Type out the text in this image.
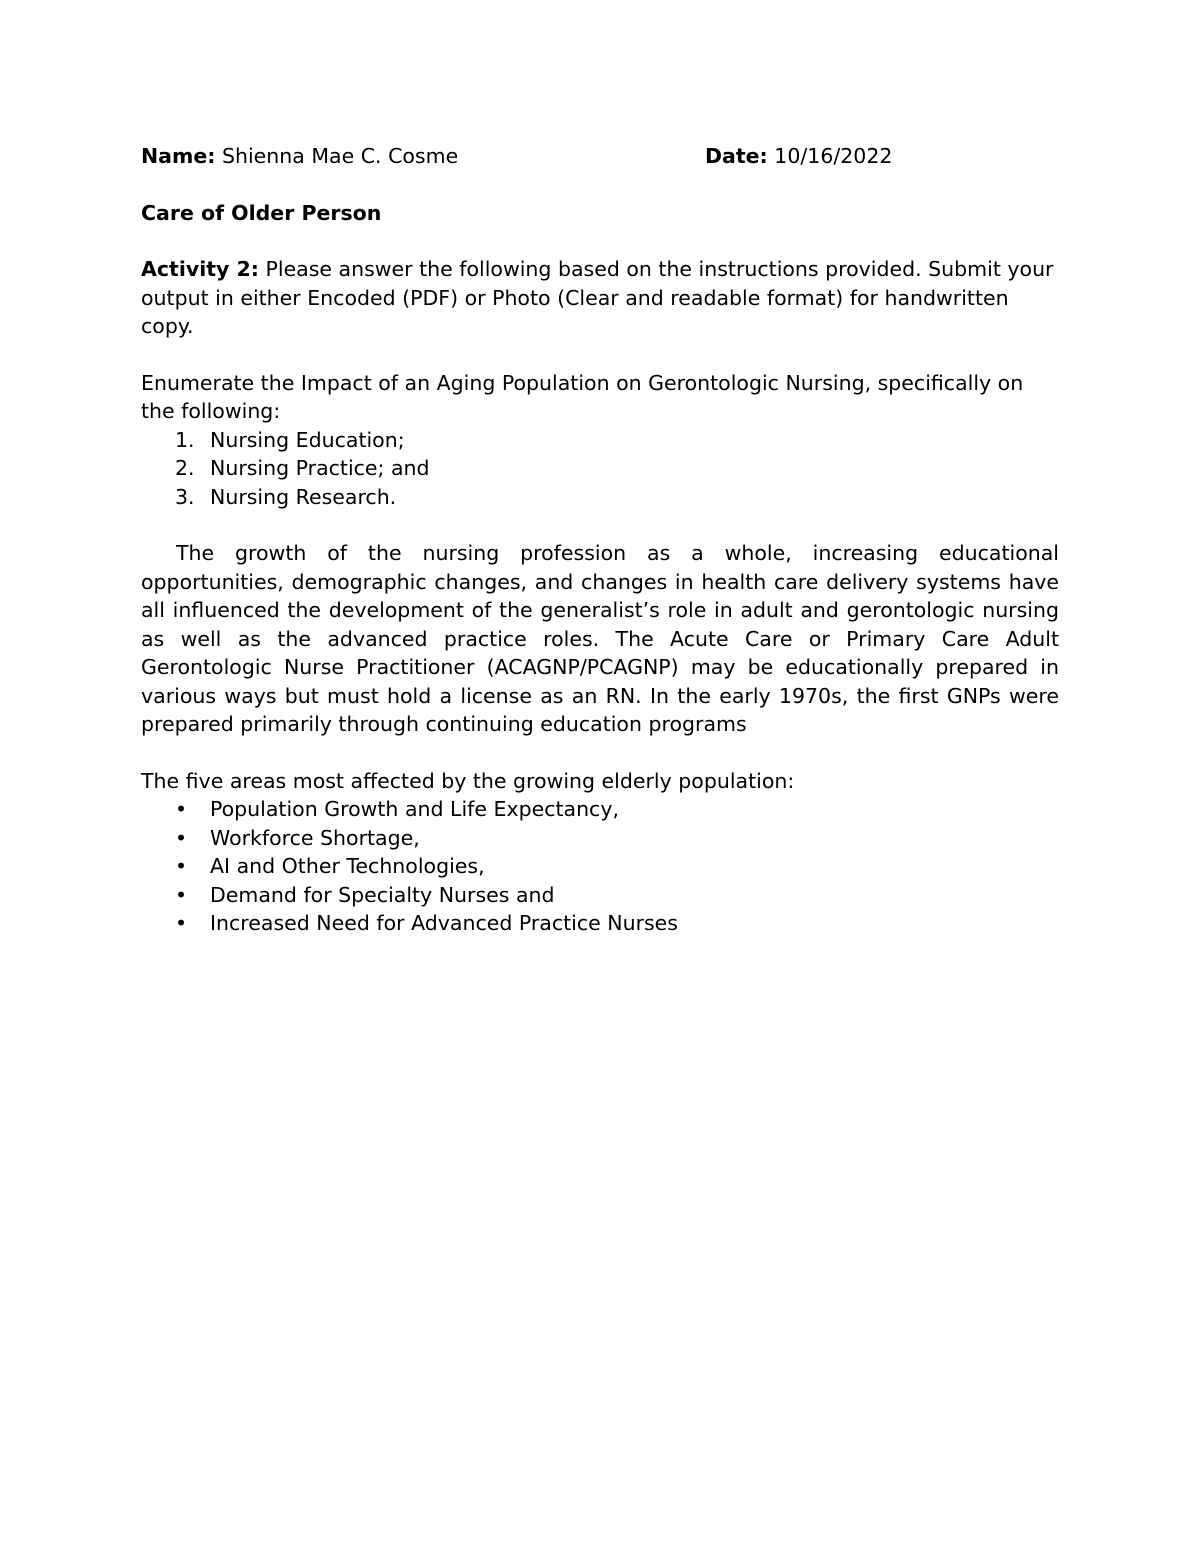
Name: Shienna Mae C. Cosme	Date: 10/16/2022
Care of Older Person
Activity 2: Please answer the following based on the instructions provided. Submit your output in either Encoded (PDF) or Photo (Clear and readable format) for handwritten copy.
Enumerate the Impact of an Aging Population on Gerontologic Nursing, specifically on the following:
1. Nursing Education;
2. Nursing Practice; and
3. Nursing Research.
The growth of the nursing profession as a whole, increasing educational opportunities, demographic changes, and changes in health care delivery systems have all influenced the development of the generalist’s role in adult and gerontologic nursing as well as the advanced practice roles. The Acute Care or Primary Care Adult Gerontologic Nurse Practitioner (ACAGNP/PCAGNP) may be educationally prepared in various ways but must hold a license as an RN. In the early 1970s, the first GNPs were prepared primarily through continuing education programs
The five areas most affected by the growing elderly population:
• Population Growth and Life Expectancy,
• Workforce Shortage,
• AI and Other Technologies,
• Demand for Specialty Nurses and
• Increased Need for Advanced Practice Nurses
